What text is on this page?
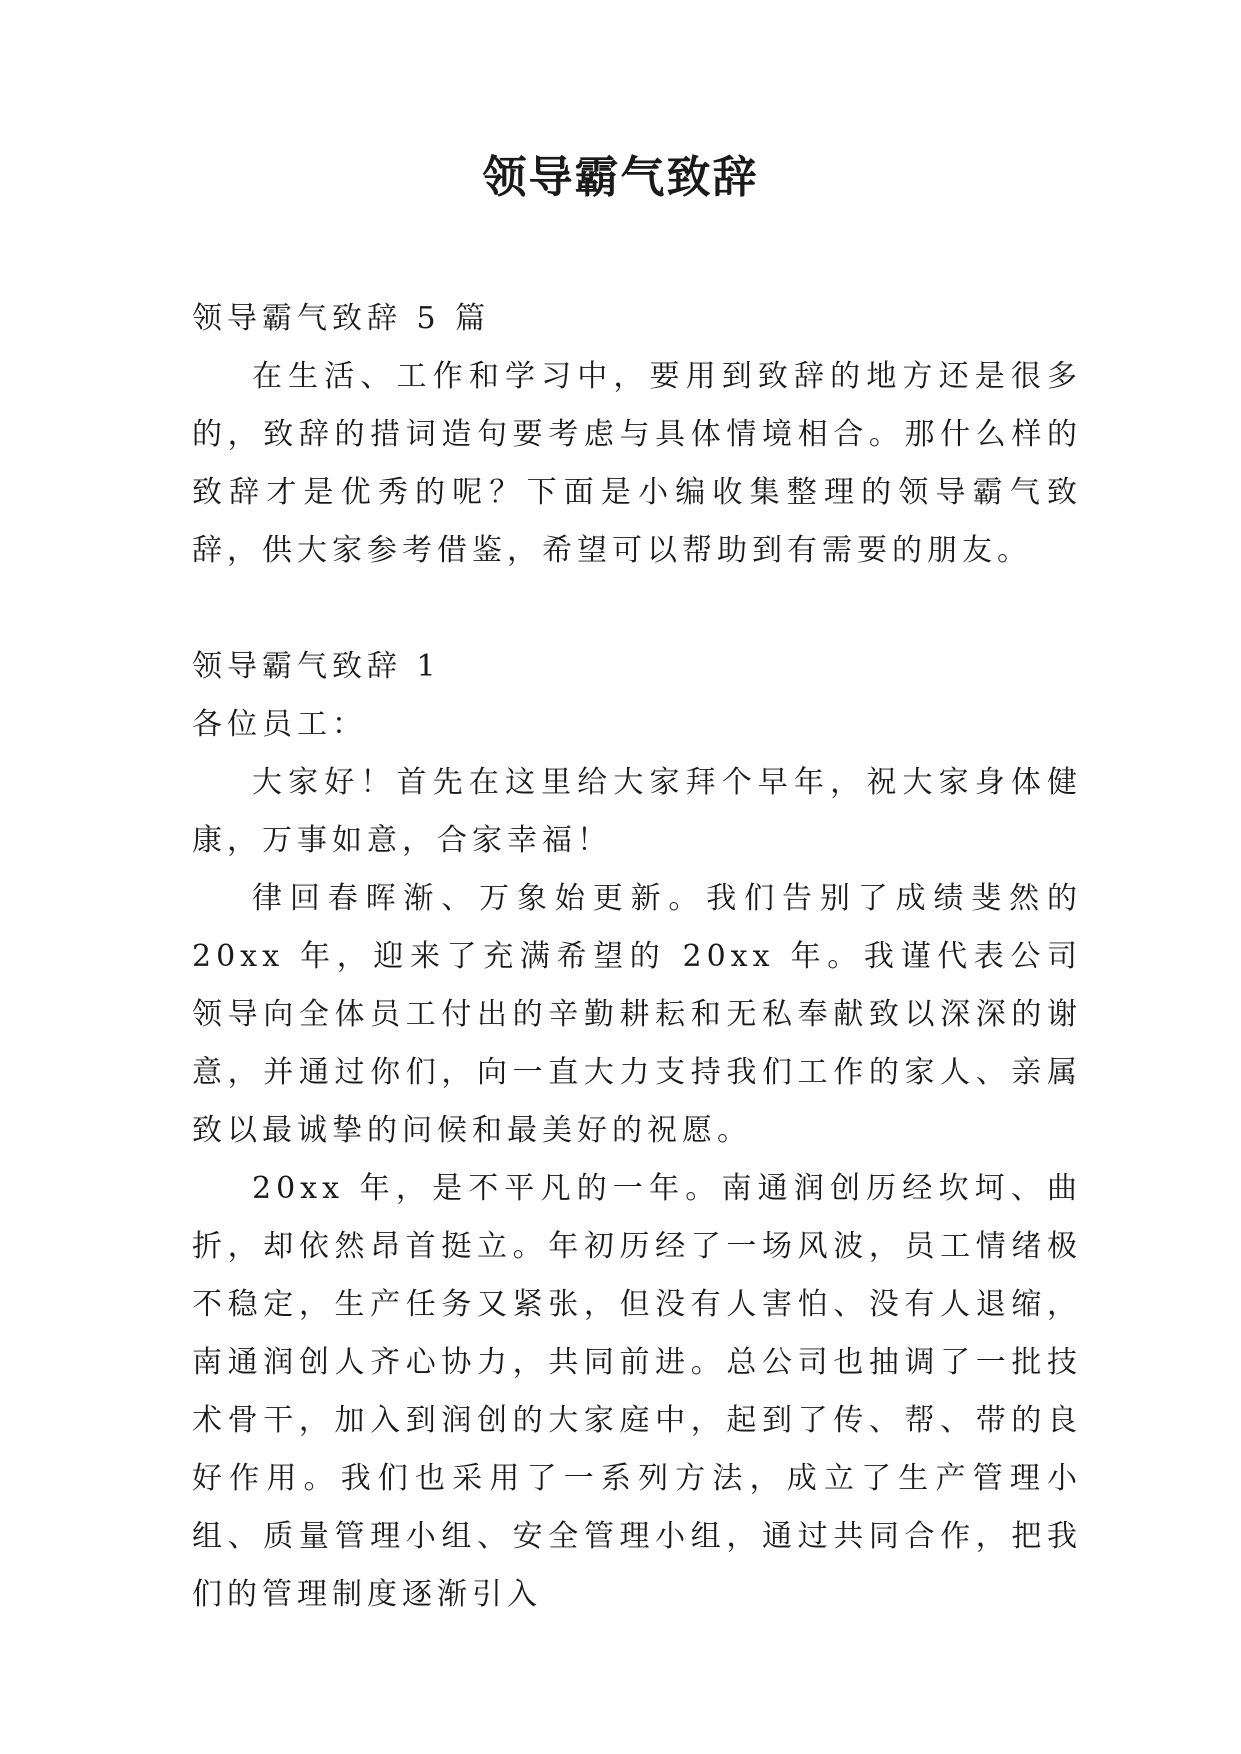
领导霸气致辞

领导霸气致辞 5 篇

在生活、工作和学习中，要用到致辞的地方还是很多的，致辞的措词造句要考虑与具体情境相合。那什么样的致辞才是优秀的呢？下面是小编收集整理的领导霸气致辞，供大家参考借鉴，希望可以帮助到有需要的朋友。

领导霸气致辞 1

各位员工：

大家好！首先在这里给大家拜个早年，祝大家身体健康，万事如意，合家幸福！

律回春晖渐、万象始更新。我们告别了成绩斐然的 20xx 年，迎来了充满希望的 20xx 年。我谨代表公司领导向全体员工付出的辛勤耕耘和无私奉献致以深深的谢意，并通过你们，向一直大力支持我们工作的家人、亲属致以最诚挚的问候和最美好的祝愿。

20xx 年，是不平凡的一年。南通润创历经坎坷、曲折，却依然昂首挺立。年初历经了一场风波，员工情绪极不稳定，生产任务又紧张，但没有人害怕、没有人退缩，南通润创人齐心协力，共同前进。总公司也抽调了一批技术骨干，加入到润创的大家庭中，起到了传、帮、带的良好作用。我们也采用了一系列方法，成立了生产管理小组、质量管理小组、安全管理小组，通过共同合作，把我们的管理制度逐渐引入
